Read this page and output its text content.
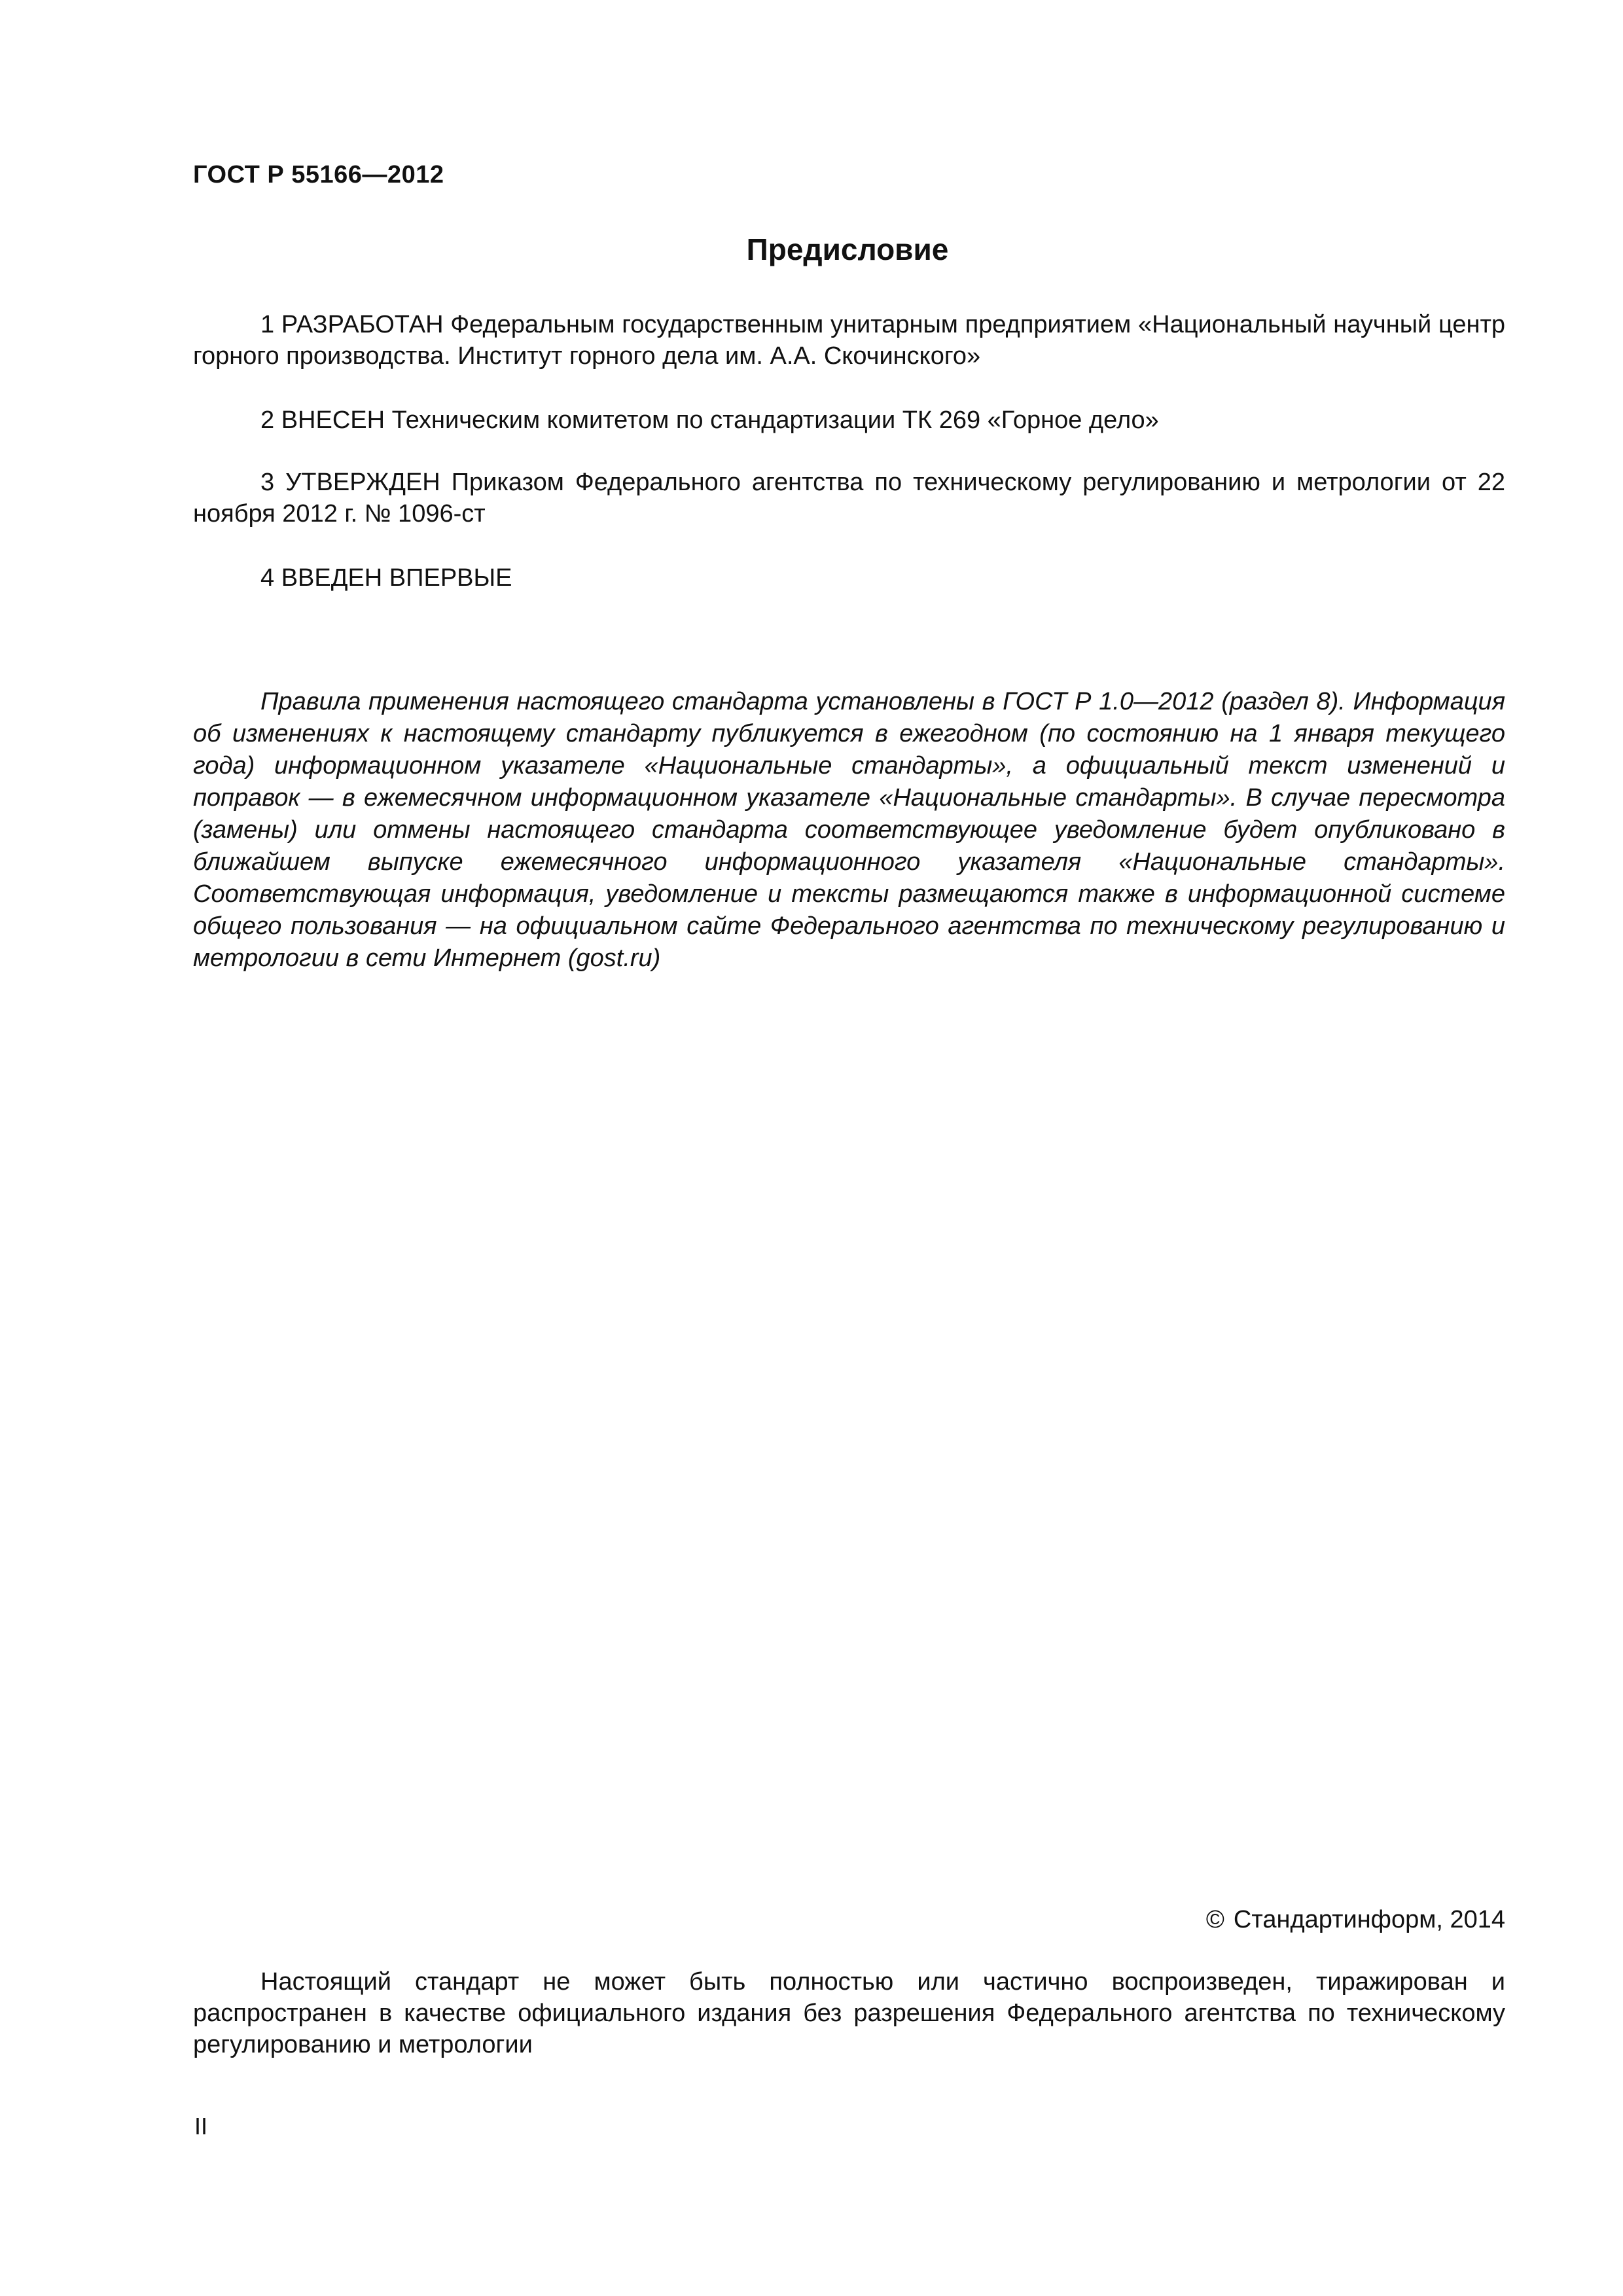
ГОСТ Р 55166—2012
Предисловие
1 РАЗРАБОТАН Федеральным государственным унитарным предприятием «Национальный научный центр горного производства. Институт горного дела им. А.А. Скочинского»
2 ВНЕСЕН Техническим комитетом по стандартизации ТК 269 «Горное дело»
3 УТВЕРЖДЕН Приказом Федерального агентства по техническому регулированию и метрологии от 22 ноября 2012 г. № 1096-ст
4 ВВЕДЕН ВПЕРВЫЕ
Правила применения настоящего стандарта установлены в ГОСТ Р 1.0—2012 (раздел 8). Информация об изменениях к настоящему стандарту публикуется в ежегодном (по состоянию на 1 января текущего года) информационном указателе «Национальные стандарты», а официальный текст изменений и поправок — в ежемесячном информационном указателе «Национальные стандарты». В случае пересмотра (замены) или отмены настоящего стандарта соответствующее уведомление будет опубликовано в ближайшем выпуске ежемесячного информационного указателя «Национальные стандарты». Соответствующая информация, уведомление и тексты размещаются также в информационной системе общего пользования — на официальном сайте Федерального агентства по техническому регулированию и метрологии в сети Интернет (gost.ru)
© Стандартинформ, 2014
Настоящий стандарт не может быть полностью или частично воспроизведен, тиражирован и распространен в качестве официального издания без разрешения Федерального агентства по техническому регулированию и метрологии
II
